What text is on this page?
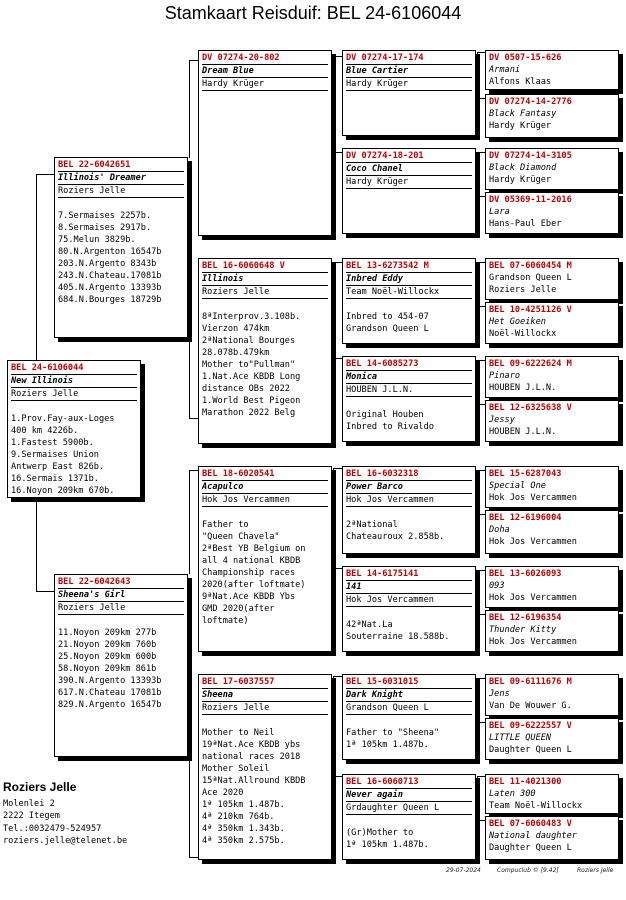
Stamkaart Reisduif: BEL 24-6106044
BEL 24-6106044
New Illinois
Roziers Jelle
1.Prov.Fay-aux-Loges
400 km 4226b.
1.Fastest 5900b.
9.Sermaises Union
Antwerp East 826b.
16.Sermais 1371b.
16.Noyon 209km 670b.
BEL 22-6042651
Illinois' Dreamer
Roziers Jelle
7.Sermaises 2257b.
8.Sermaises 2917b.
75.Melun 3829b.
80.N.Argenton 16547b
203.N.Argento 8343b
243.N.Chateau.17081b
405.N.Argento 13393b
684.N.Bourges 18729b
BEL 22-6042643
Sheena's Girl
Roziers Jelle
11.Noyon 209km 277b
21.Noyon 209km 760b
25.Noyon 209km 600b
58.Noyon 209km 861b
390.N.Argento 13393b
617.N.Chateau 17081b
829.N.Argento 16547b
DV 07274-20-802
Dream Blue
Hardy Krüger
BEL 16-6060648 V
Illinois
Roziers Jelle
8ªInterprov.3.108b.
Vierzon 474km
2ªNational Bourges
28.078b.479km
Mother to"Pullman"
1.Nat.Ace KBDB Long
distance OBs 2022
1.World Best Pigeon
Marathon 2022 Belg
BEL 18-6020541
Acapulco
Hok Jos Vercammen
Father to
"Queen Chavela"
2ªBest YB Belgium on
all 4 national KBDB
Championship races
2020(after loftmate)
9ªNat.Ace KBDB Ybs
GMD 2020(after
loftmate)
BEL 17-6037557
Sheena
Roziers Jelle
Mother to Neil
19ªNat.Ace KBDB ybs
national races 2018
Mother Soleil
15ªNat.Allround KBDB
Ace 2020
1ª 105km 1.487b.
4ª 210km 764b.
4ª 350km 1.343b.
4ª 350km 2.575b.
DV 07274-17-174
Blue Cartier
Hardy Krüger
DV 07274-18-201
Coco Chanel
Hardy Krüger
BEL 13-6273542 M
Inbred Eddy
Team Noël-Willockx
Inbred to 454-07
Grandson Queen L
BEL 14-6085273
Monica
HOUBEN J.L.N.
Original Houben
Inbred to Rivaldo
BEL 16-6032318
Power Barco
Hok Jos Vercammen
2ªNational
Chateauroux 2.858b.
BEL 14-6175141
141
Hok Jos Vercammen
42ªNat.La
Souterraine 18.588b.
BEL 15-6031015
Dark Knight
Grandson Queen L
Father to "Sheena"
1ª 105km 1.487b.
BEL 16-6060713
Never again
Grdaughter Queen L
(Gr)Mother to
1ª 105km 1.487b.
DV 0507-15-626
Armani
Alfons Klaas
DV 07274-14-2776
Black Fantasy
Hardy Krüger
DV 07274-14-3105
Black Diamond
Hardy Krüger
DV 05369-11-2016
Lara
Hans-Paul Eber
BEL 07-6060454 M
Grandson Queen L
Roziers Jelle
BEL 10-4251126 V
Het Goeiken
Noël-Willockx
BEL 09-6222624 M
Pinaro
HOUBEN J.L.N.
BEL 12-6325638 V
Jessy
HOUBEN J.L.N.
BEL 15-6287043
Special One
Hok Jos Vercammen
BEL 12-6196004
Doha
Hok Jos Vercammen
BEL 13-6026093
093
Hok Jos Vercammen
BEL 12-6196354
Thunder Kitty
Hok Jos Vercammen
BEL 09-6111676 M
Jens
Van De Wouwer G.
BEL 09-6222557 V
LITTLE QUEEN
Daughter Queen L
BEL 11-4021300
Laten 300
Team Noël-Willockx
BEL 07-6060483 V
National daughter
Daughter Queen L
Roziers Jelle
Molenlei 2
2222 Itegem
Tel.:0032479-524957
roziers.jelle@telenet.be
29-07-2024	Compuclub © [9.42]	Roziers Jelle
